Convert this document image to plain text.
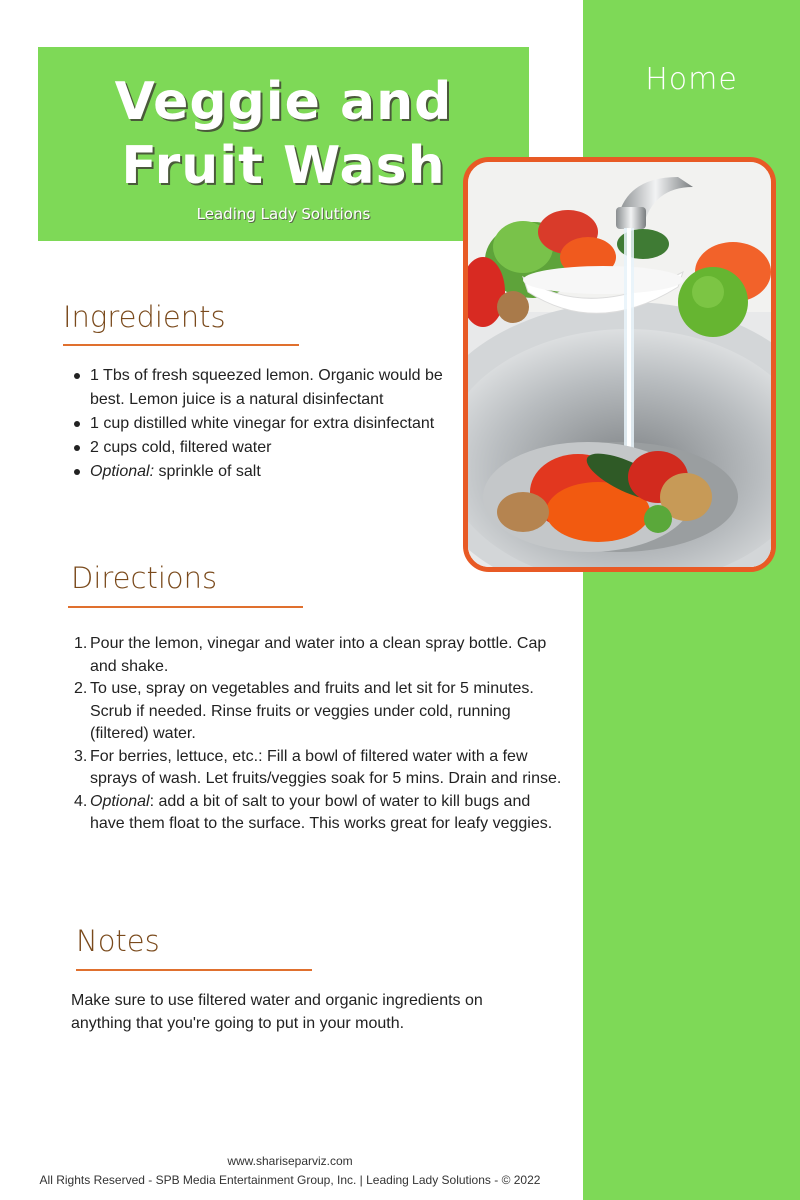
Home
Veggie and
Fruit Wash
Leading Lady Solutions
Ingredients
1 Tbs of fresh squeezed lemon. Organic would be best. Lemon juice is a natural disinfectant
1 cup distilled white vinegar for extra disinfectant
2 cups cold, filtered water
Optional: sprinkle of salt
Directions
1. Pour the lemon, vinegar and water into a clean spray bottle. Cap and shake.
2. To use, spray on vegetables and fruits and let sit for 5 minutes. Scrub if needed. Rinse fruits or veggies under cold, running (filtered) water.
3. For berries, lettuce, etc.: Fill a bowl of filtered water with a few sprays of wash. Let fruits/veggies soak for 5 mins. Drain and rinse.
4. Optional: add a bit of salt to your bowl of water to kill bugs and have them float to the surface. This works great for leafy veggies.
Notes

Make sure to use filtered water and organic ingredients on anything that you're going to put in your mouth.

www.shariseparviz.com
All Rights Reserved - SPB Media Entertainment Group, Inc. | Leading Lady Solutions - © 2022
